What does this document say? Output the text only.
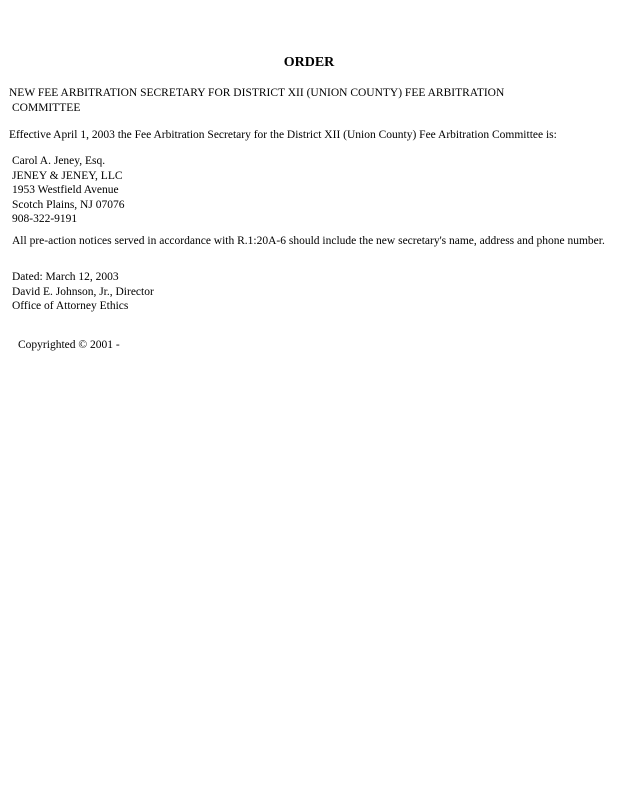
ORDER
NEW FEE ARBITRATION SECRETARY FOR DISTRICT XII (UNION COUNTY) FEE ARBITRATION
COMMITTEE
Effective April 1, 2003 the Fee Arbitration Secretary for the District XII (Union County) Fee Arbitration Committee is:
Carol A. Jeney, Esq.
JENEY & JENEY, LLC
1953 Westfield Avenue
Scotch Plains, NJ 07076
908-322-9191
All pre-action notices served in accordance with R.1:20A-6 should include the new secretary's name, address and phone number.
Dated: March 12, 2003
David E. Johnson, Jr., Director
Office of Attorney Ethics
Copyrighted © 2001 -
